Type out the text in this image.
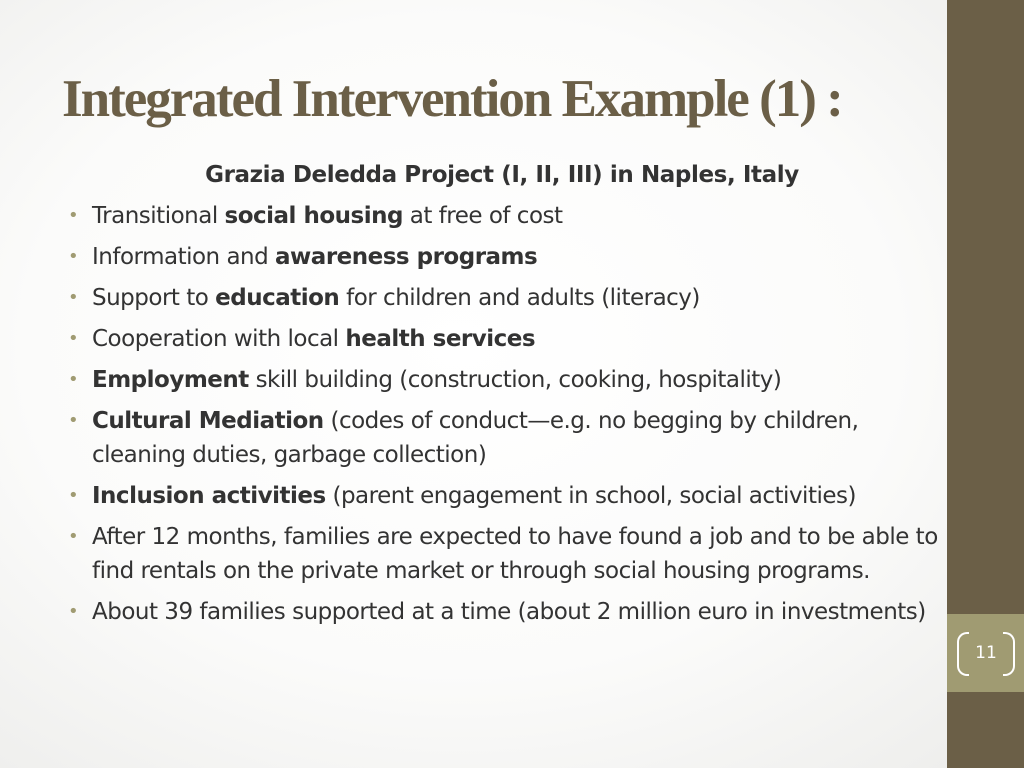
11
Integrated Intervention Example (1) :
Grazia Deledda Project (I, II, III) in Naples, Italy
• Transitional social housing at free of cost
• Information and awareness programs
• Support to education for children and adults (literacy)
• Cooperation with local health services
• Employment skill building (construction, cooking, hospitality)
• Cultural Mediation (codes of conduct—e.g. no begging by children, cleaning duties, garbage collection)
• Inclusion activities (parent engagement in school, social activities)
• After 12 months, families are expected to have found a job and to be able to find rentals on the private market or through social housing programs.
• About 39 families supported at a time (about 2 million euro in investments)
